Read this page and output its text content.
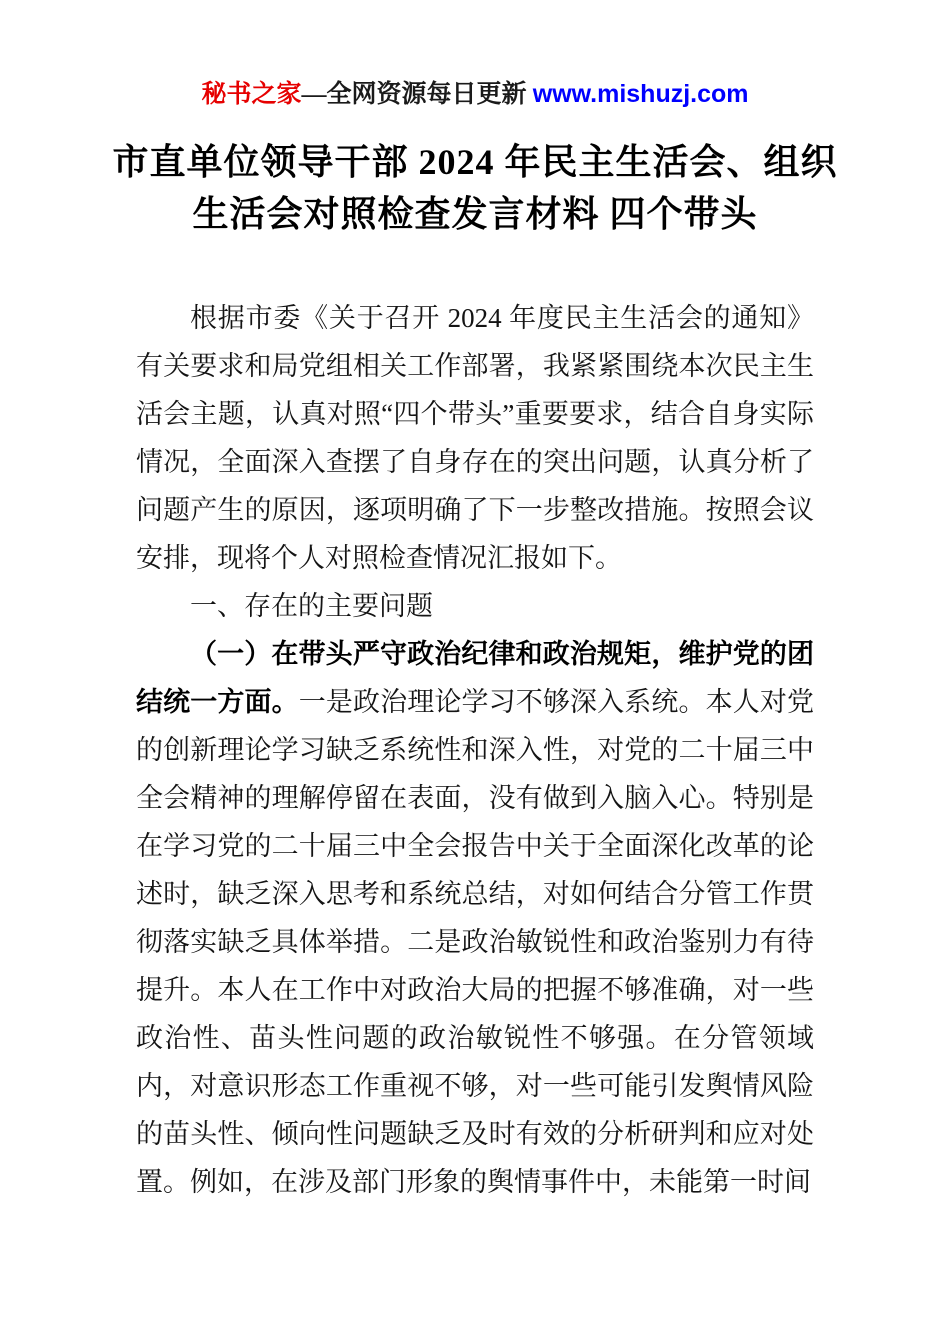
秘书之家—全网资源每日更新 www.mishuzj.com
市直单位领导干部 2024 年民主生活会、组织生活会对照检查发言材料 四个带头

根据市委《关于召开 2024 年度民主生活会的通知》有关要求和局党组相关工作部署，我紧紧围绕本次民主生活会主题，认真对照“四个带头”重要要求，结合自身实际情况，全面深入查摆了自身存在的突出问题，认真分析了问题产生的原因，逐项明确了下一步整改措施。按照会议安排，现将个人对照检查情况汇报如下。

一、存在的主要问题

（一）在带头严守政治纪律和政治规矩，维护党的团结统一方面。一是政治理论学习不够深入系统。本人对党的创新理论学习缺乏系统性和深入性，对党的二十届三中全会精神的理解停留在表面，没有做到入脑入心。特别是在学习党的二十届三中全会报告中关于全面深化改革的论述时，缺乏深入思考和系统总结，对如何结合分管工作贯彻落实缺乏具体举措。二是政治敏锐性和政治鉴别力有待提升。本人在工作中对政治大局的把握不够准确，对一些政治性、苗头性问题的政治敏锐性不够强。在分管领域内，对意识形态工作重视不够，对一些可能引发舆情风险的苗头性、倾向性问题缺乏及时有效的分析研判和应对处置。例如，在涉及部门形象的舆情事件中，未能第一时间
